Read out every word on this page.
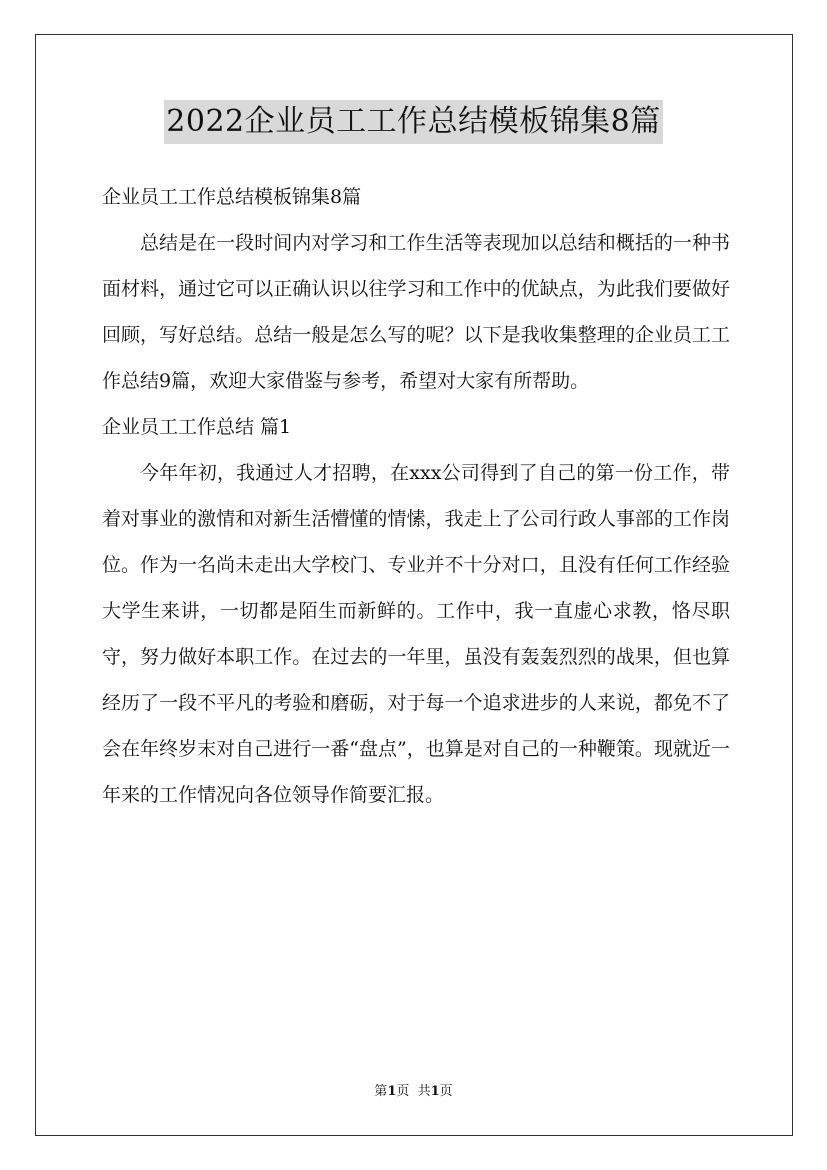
2022企业员工工作总结模板锦集8篇

企业员工工作总结模板锦集8篇

总结是在一段时间内对学习和工作生活等表现加以总结和概括的一种书面材料，通过它可以正确认识以往学习和工作中的优缺点，为此我们要做好回顾，写好总结。总结一般是怎么写的呢？以下是我收集整理的企业员工工作总结9篇，欢迎大家借鉴与参考，希望对大家有所帮助。

企业员工工作总结 篇1

今年年初，我通过人才招聘，在xxx公司得到了自己的第一份工作，带着对事业的激情和对新生活懵懂的情愫，我走上了公司行政人事部的工作岗位。作为一名尚未走出大学校门、专业并不十分对口，且没有任何工作经验大学生来讲，一切都是陌生而新鲜的。工作中，我一直虚心求教，恪尽职守，努力做好本职工作。在过去的一年里，虽没有轰轰烈烈的战果，但也算经历了一段不平凡的考验和磨砺，对于每一个追求进步的人来说，都免不了会在年终岁末对自己进行一番“盘点”，也算是对自己的一种鞭策。现就近一年来的工作情况向各位领导作简要汇报。

第1页  共1页
